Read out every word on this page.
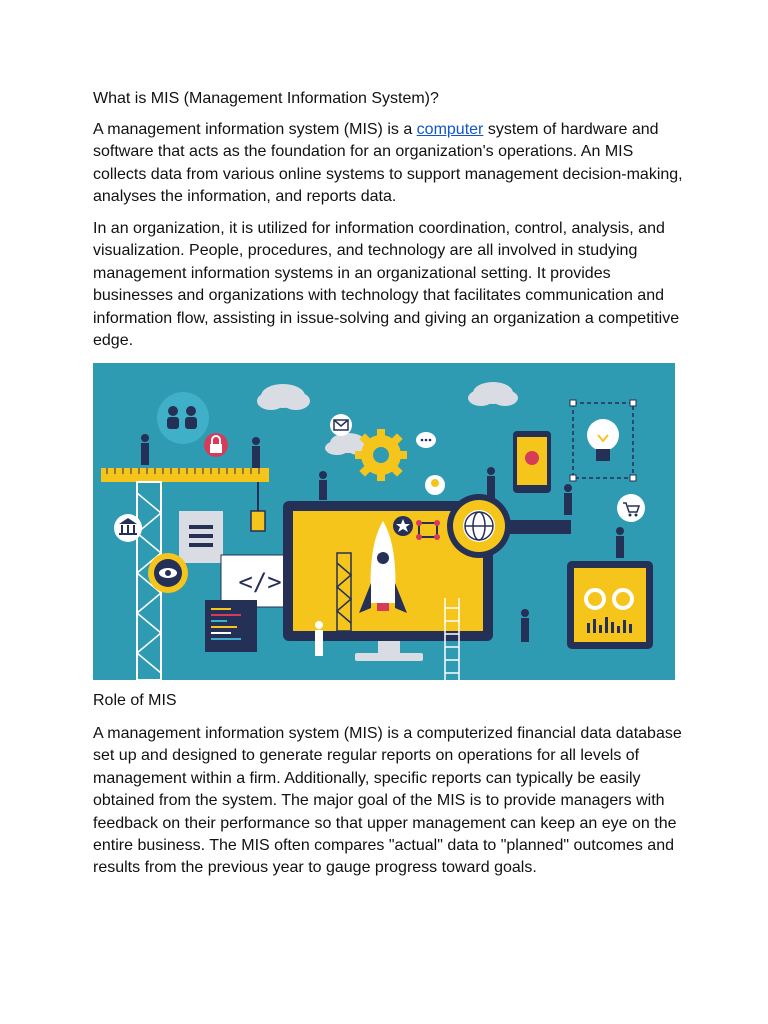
What is MIS (Management Information System)?

A management information system (MIS) is a computer system of hardware and software that acts as the foundation for an organization's operations. An MIS collects data from various online systems to support management decision-making, analyses the information, and reports data.

In an organization, it is utilized for information coordination, control, analysis, and visualization. People, procedures, and technology are all involved in studying management information systems in an organizational setting. It provides businesses and organizations with technology that facilitates communication and information flow, assisting in issue-solving and giving an organization a competitive edge.

</>

Role of MIS

A management information system (MIS) is a computerized financial data database set up and designed to generate regular reports on operations for all levels of management within a firm. Additionally, specific reports can typically be easily obtained from the system. The major goal of the MIS is to provide managers with feedback on their performance so that upper management can keep an eye on the entire business. The MIS often compares "actual" data to "planned" outcomes and results from the previous year to gauge progress toward goals.
